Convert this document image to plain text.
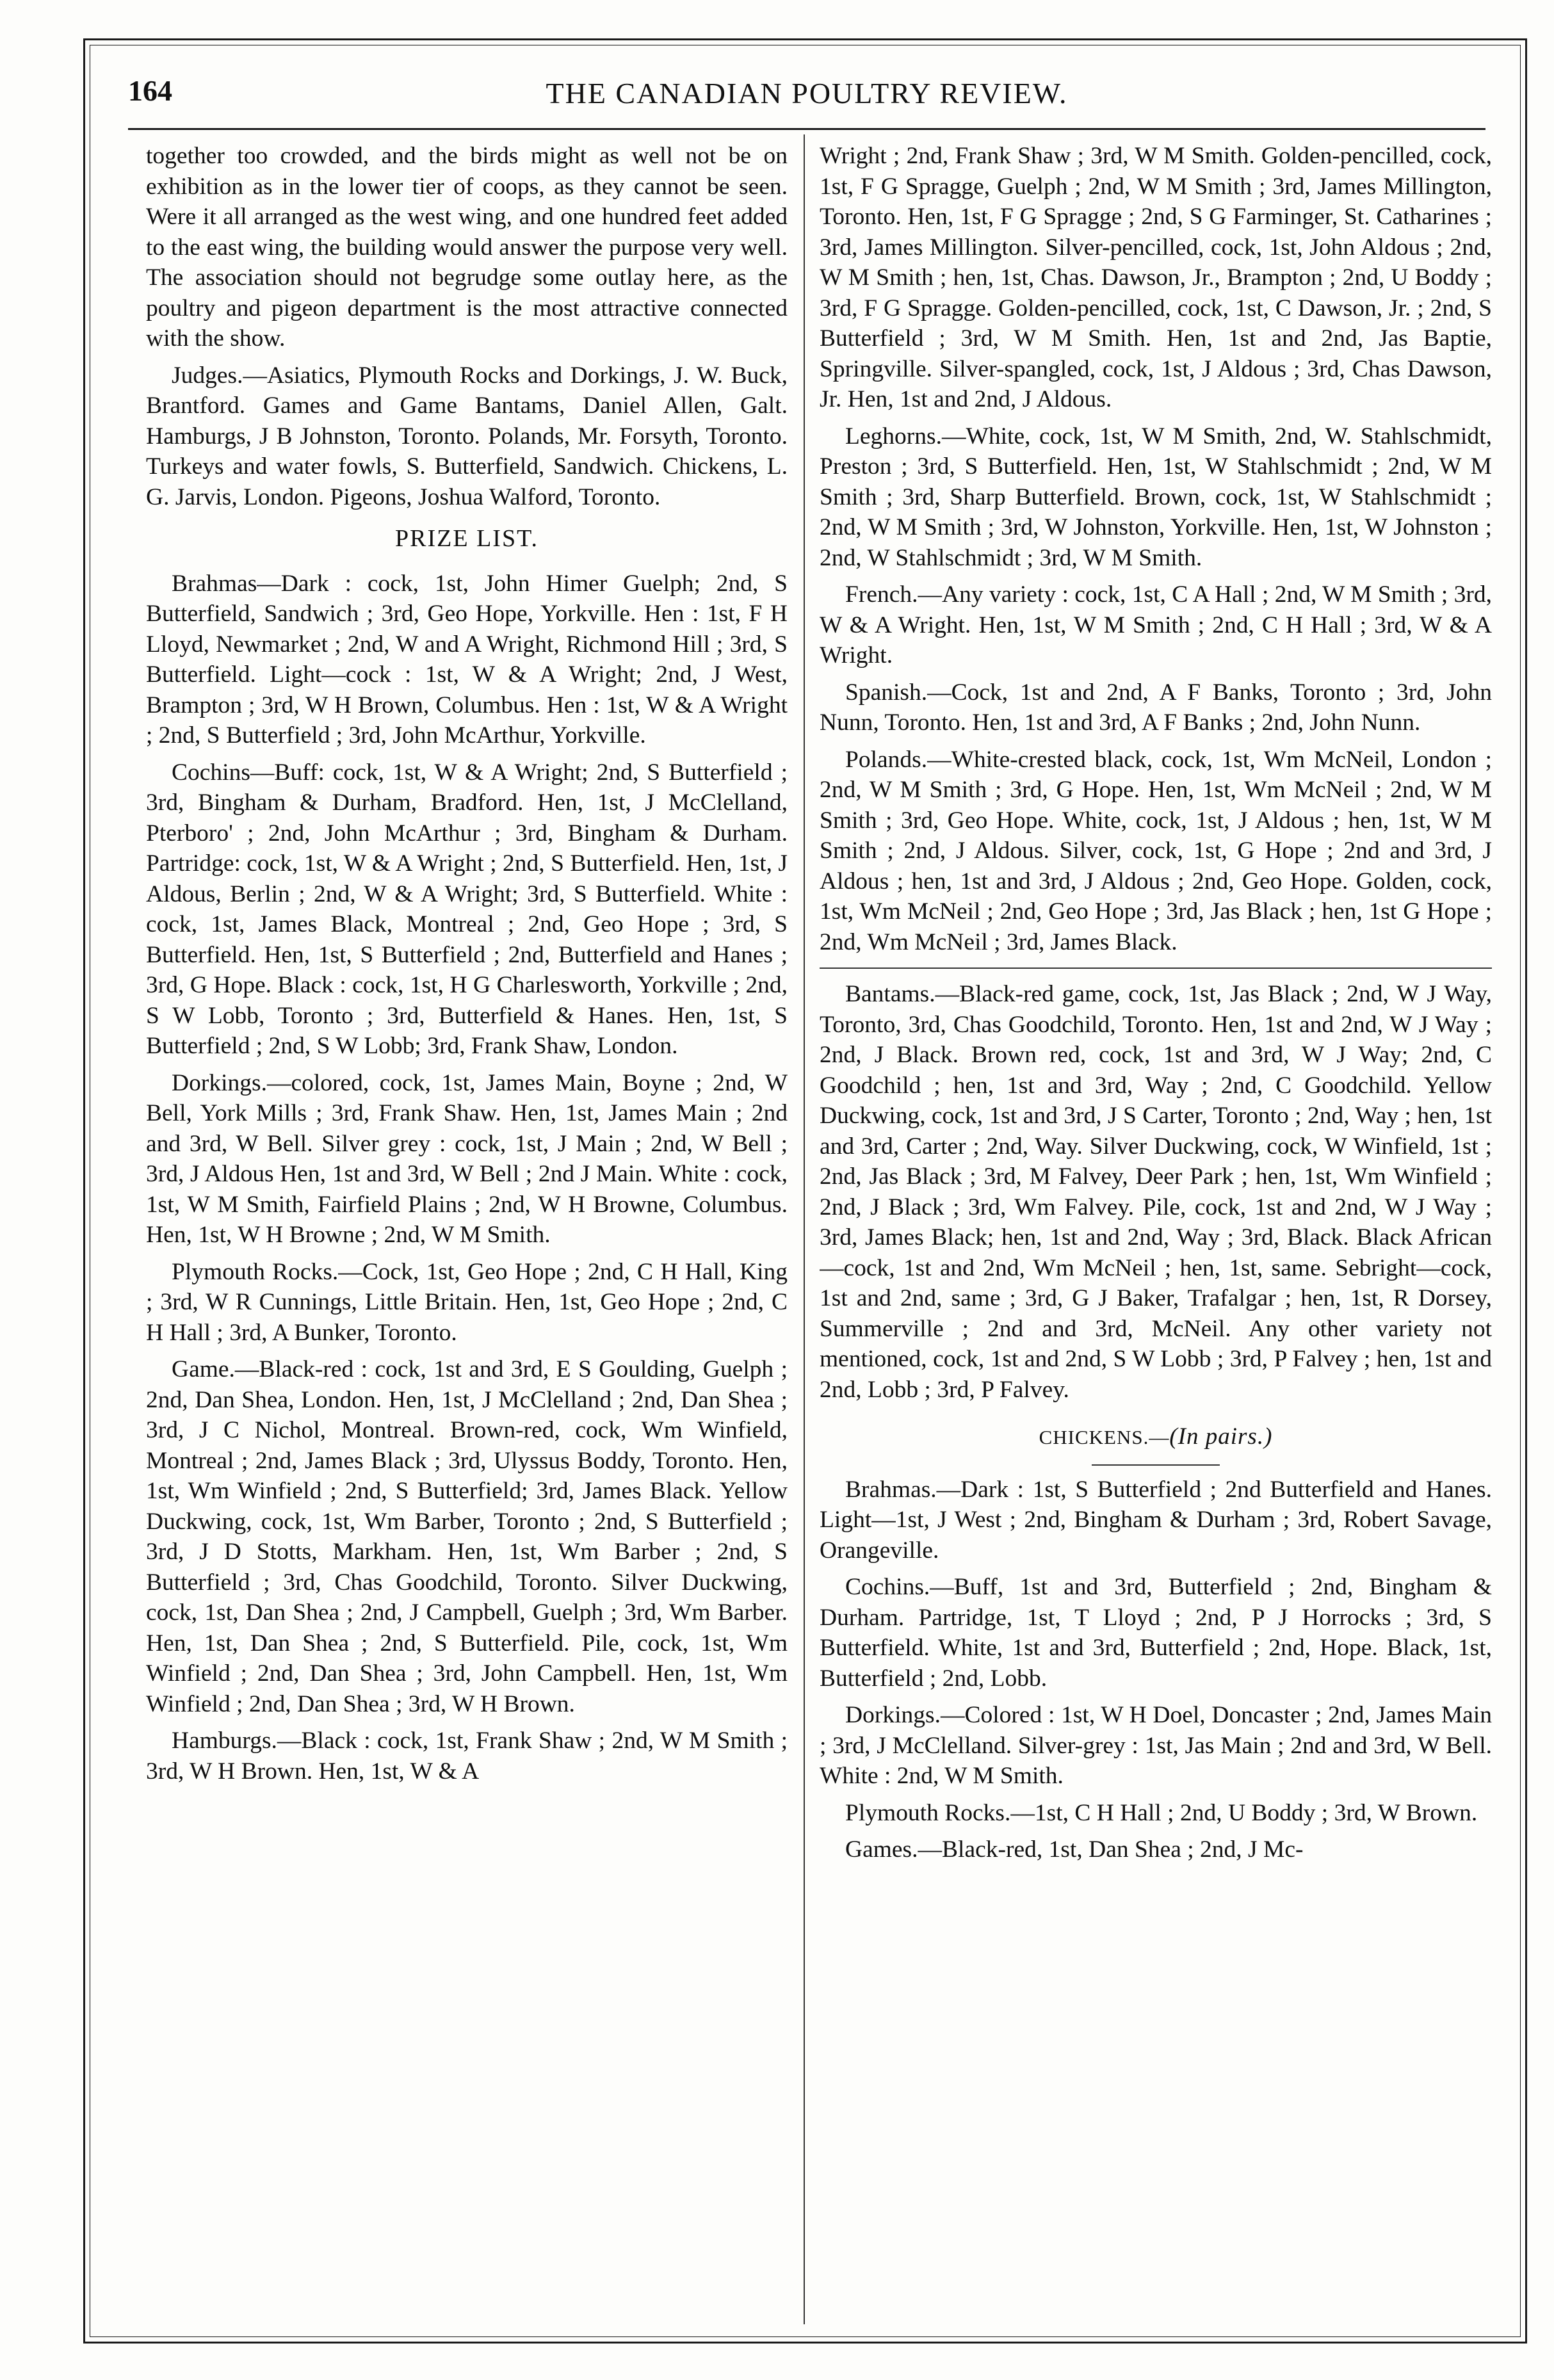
164	THE CANADIAN POULTRY REVIEW.

together too crowded, and the birds might as well not be on exhibition as in the lower tier of coops, as they cannot be seen. Were it all arranged as the west wing, and one hundred feet added to the east wing, the building would answer the purpose very well. The association should not begrudge some outlay here, as the poultry and pigeon department is the most attractive connected with the show.

Judges.—Asiatics, Plymouth Rocks and Dorkings, J. W. Buck, Brantford. Games and Game Bantams, Daniel Allen, Galt. Hamburgs, J B Johnston, Toronto. Polands, Mr. Forsyth, Toronto. Turkeys and water fowls, S. Butterfield, Sandwich. Chickens, L. G. Jarvis, London. Pigeons, Joshua Walford, Toronto.

PRIZE LIST.

Brahmas—Dark : cock, 1st, John Himer Guelph; 2nd, S Butterfield, Sandwich ; 3rd, Geo Hope, Yorkville. Hen : 1st, F H Lloyd, Newmarket ; 2nd, W and A Wright, Richmond Hill ; 3rd, S Butterfield. Light—cock : 1st, W & A Wright; 2nd, J West, Brampton ; 3rd, W H Brown, Columbus. Hen : 1st, W & A Wright ; 2nd, S Butterfield ; 3rd, John McArthur, Yorkville.

Cochins—Buff: cock, 1st, W & A Wright; 2nd, S Butterfield ; 3rd, Bingham & Durham, Bradford. Hen, 1st, J McClelland, Pterboro' ; 2nd, John McArthur ; 3rd, Bingham & Durham. Partridge: cock, 1st, W & A Wright ; 2nd, S Butterfield. Hen, 1st, J Aldous, Berlin ; 2nd, W & A Wright; 3rd, S Butterfield. White : cock, 1st, James Black, Montreal ; 2nd, Geo Hope ; 3rd, S Butterfield. Hen, 1st, S Butterfield ; 2nd, Butterfield and Hanes ; 3rd, G Hope. Black : cock, 1st, H G Charlesworth, Yorkville ; 2nd, S W Lobb, Toronto ; 3rd, Butterfield & Hanes. Hen, 1st, S Butterfield ; 2nd, S W Lobb; 3rd, Frank Shaw, London.

Dorkings.—colored, cock, 1st, James Main, Boyne ; 2nd, W Bell, York Mills ; 3rd, Frank Shaw. Hen, 1st, James Main ; 2nd and 3rd, W Bell. Silver grey : cock, 1st, J Main ; 2nd, W Bell ; 3rd, J Aldous Hen, 1st and 3rd, W Bell ; 2nd J Main. White : cock, 1st, W M Smith, Fairfield Plains ; 2nd, W H Browne, Columbus. Hen, 1st, W H Browne ; 2nd, W M Smith.

Plymouth Rocks.—Cock, 1st, Geo Hope ; 2nd, C H Hall, King ; 3rd, W R Cunnings, Little Britain. Hen, 1st, Geo Hope ; 2nd, C H Hall ; 3rd, A Bunker, Toronto.

Game.—Black-red : cock, 1st and 3rd, E S Goulding, Guelph ; 2nd, Dan Shea, London. Hen, 1st, J McClelland ; 2nd, Dan Shea ; 3rd, J C Nichol, Montreal. Brown-red, cock, Wm Winfield, Montreal ; 2nd, James Black ; 3rd, Ulyssus Boddy, Toronto. Hen, 1st, Wm Winfield ; 2nd, S Butterfield; 3rd, James Black. Yellow Duckwing, cock, 1st, Wm Barber, Toronto ; 2nd, S Butterfield ; 3rd, J D Stotts, Markham. Hen, 1st, Wm Barber ; 2nd, S Butterfield ; 3rd, Chas Goodchild, Toronto. Silver Duckwing, cock, 1st, Dan Shea ; 2nd, J Campbell, Guelph ; 3rd, Wm Barber. Hen, 1st, Dan Shea ; 2nd, S Butterfield. Pile, cock, 1st, Wm Winfield ; 2nd, Dan Shea ; 3rd, John Campbell. Hen, 1st, Wm Winfield ; 2nd, Dan Shea ; 3rd, W H Brown.

Hamburgs.—Black : cock, 1st, Frank Shaw ; 2nd, W M Smith ; 3rd, W H Brown. Hen, 1st, W & A

Wright ; 2nd, Frank Shaw ; 3rd, W M Smith. Golden-pencilled, cock, 1st, F G Spragge, Guelph ; 2nd, W M Smith ; 3rd, James Millington, Toronto. Hen, 1st, F G Spragge ; 2nd, S G Farminger, St. Catharines ; 3rd, James Millington. Silver-pencilled, cock, 1st, John Aldous ; 2nd, W M Smith ; hen, 1st, Chas. Dawson, Jr., Brampton ; 2nd, U Boddy ; 3rd, F G Spragge. Golden-pencilled, cock, 1st, C Dawson, Jr. ; 2nd, S Butterfield ; 3rd, W M Smith. Hen, 1st and 2nd, Jas Baptie, Springville. Silver-spangled, cock, 1st, J Aldous ; 3rd, Chas Dawson, Jr. Hen, 1st and 2nd, J Aldous.

Leghorns.—White, cock, 1st, W M Smith, 2nd, W. Stahlschmidt, Preston ; 3rd, S Butterfield. Hen, 1st, W Stahlschmidt ; 2nd, W M Smith ; 3rd, Sharp Butterfield. Brown, cock, 1st, W Stahlschmidt ; 2nd, W M Smith ; 3rd, W Johnston, Yorkville. Hen, 1st, W Johnston ; 2nd, W Stahlschmidt ; 3rd, W M Smith.

French.—Any variety : cock, 1st, C A Hall ; 2nd, W M Smith ; 3rd, W & A Wright. Hen, 1st, W M Smith ; 2nd, C H Hall ; 3rd, W & A Wright.

Spanish.—Cock, 1st and 2nd, A F Banks, Toronto ; 3rd, John Nunn, Toronto. Hen, 1st and 3rd, A F Banks ; 2nd, John Nunn.

Polands.—White-crested black, cock, 1st, Wm McNeil, London ; 2nd, W M Smith ; 3rd, G Hope. Hen, 1st, Wm McNeil ; 2nd, W M Smith ; 3rd, Geo Hope. White, cock, 1st, J Aldous ; hen, 1st, W M Smith ; 2nd, J Aldous. Silver, cock, 1st, G Hope ; 2nd and 3rd, J Aldous ; hen, 1st and 3rd, J Aldous ; 2nd, Geo Hope. Golden, cock, 1st, Wm McNeil ; 2nd, Geo Hope ; 3rd, Jas Black ; hen, 1st G Hope ; 2nd, Wm McNeil ; 3rd, James Black.

Bantams.—Black-red game, cock, 1st, Jas Black ; 2nd, W J Way, Toronto, 3rd, Chas Goodchild, Toronto. Hen, 1st and 2nd, W J Way ; 2nd, J Black. Brown red, cock, 1st and 3rd, W J Way; 2nd, C Goodchild ; hen, 1st and 3rd, Way ; 2nd, C Goodchild. Yellow Duckwing, cock, 1st and 3rd, J S Carter, Toronto ; 2nd, Way ; hen, 1st and 3rd, Carter ; 2nd, Way. Silver Duckwing, cock, W Winfield, 1st ; 2nd, Jas Black ; 3rd, M Falvey, Deer Park ; hen, 1st, Wm Winfield ; 2nd, J Black ; 3rd, Wm Falvey. Pile, cock, 1st and 2nd, W J Way ; 3rd, James Black; hen, 1st and 2nd, Way ; 3rd, Black. Black African—cock, 1st and 2nd, Wm McNeil ; hen, 1st, same. Sebright—cock, 1st and 2nd, same ; 3rd, G J Baker, Trafalgar ; hen, 1st, R Dorsey, Summerville ; 2nd and 3rd, McNeil. Any other variety not mentioned, cock, 1st and 2nd, S W Lobb ; 3rd, P Falvey ; hen, 1st and 2nd, Lobb ; 3rd, P Falvey.

CHICKENS.—(In pairs.)

Brahmas.—Dark : 1st, S Butterfield ; 2nd Butterfield and Hanes. Light—1st, J West ; 2nd, Bingham & Durham ; 3rd, Robert Savage, Orangeville.

Cochins.—Buff, 1st and 3rd, Butterfield ; 2nd, Bingham & Durham. Partridge, 1st, T Lloyd ; 2nd, P J Horrocks ; 3rd, S Butterfield. White, 1st and 3rd, Butterfield ; 2nd, Hope. Black, 1st, Butterfield ; 2nd, Lobb.

Dorkings.—Colored : 1st, W H Doel, Doncaster ; 2nd, James Main ; 3rd, J McClelland. Silver-grey : 1st, Jas Main ; 2nd and 3rd, W Bell. White : 2nd, W M Smith.

Plymouth Rocks.—1st, C H Hall ; 2nd, U Boddy ; 3rd, W Brown.

Games.—Black-red, 1st, Dan Shea ; 2nd, J Mc-
